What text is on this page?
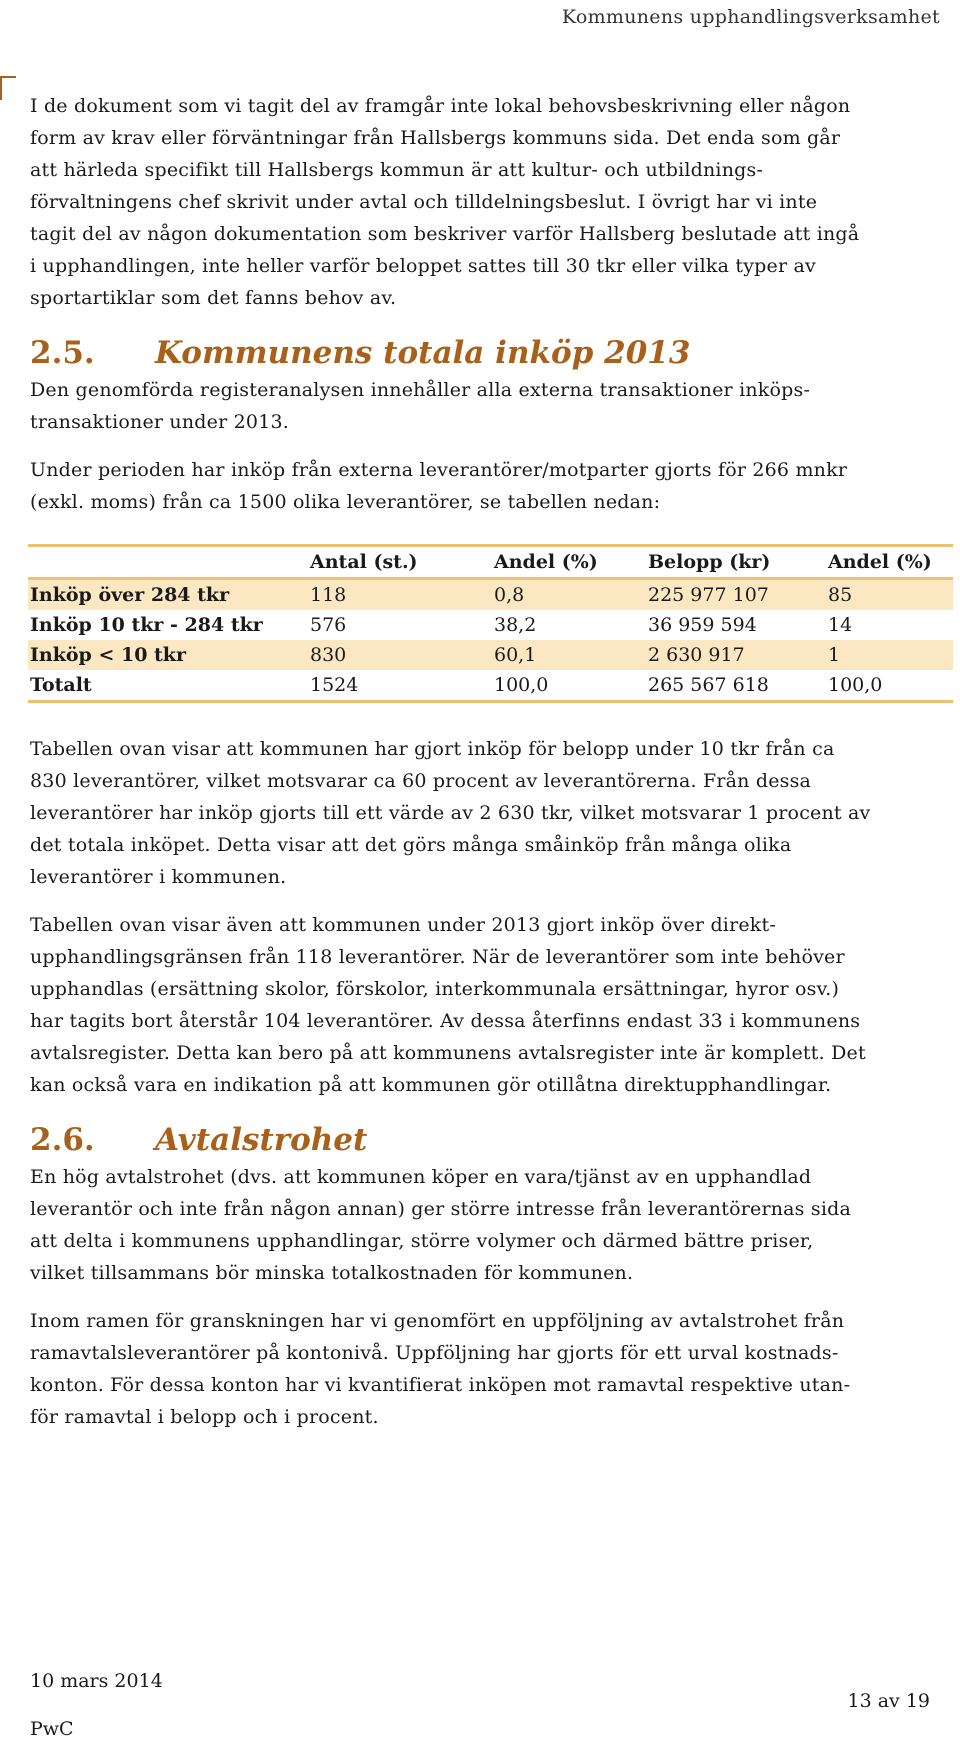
Kommunens upphandlingsverksamhet

I de dokument som vi tagit del av framgår inte lokal behovsbeskrivning eller någon
form av krav eller förväntningar från Hallsbergs kommuns sida. Det enda som går
att härleda specifikt till Hallsbergs kommun är att kultur- och utbildnings-
förvaltningens chef skrivit under avtal och tilldelningsbeslut. I övrigt har vi inte
tagit del av någon dokumentation som beskriver varför Hallsberg beslutade att ingå
i upphandlingen, inte heller varför beloppet sattes till 30 tkr eller vilka typer av
sportartiklar som det fanns behov av.

2.5. Kommunens totala inköp 2013

Den genomförda registeranalysen innehåller alla externa transaktioner inköps-
transaktioner under 2013.

Under perioden har inköp från externa leverantörer/motparter gjorts för 266 mnkr
(exkl. moms) från ca 1500 olika leverantörer, se tabellen nedan:

	Antal (st.)	Andel (%)	Belopp (kr)	Andel (%)
Inköp över 284 tkr	118	0,8	225 977 107	85
Inköp 10 tkr - 284 tkr	576	38,2	36 959 594	14
Inköp < 10 tkr	830	60,1	2 630 917	1
Totalt	1524	100,0	265 567 618	100,0

Tabellen ovan visar att kommunen har gjort inköp för belopp under 10 tkr från ca
830 leverantörer, vilket motsvarar ca 60 procent av leverantörerna. Från dessa
leverantörer har inköp gjorts till ett värde av 2 630 tkr, vilket motsvarar 1 procent av
det totala inköpet. Detta visar att det görs många småinköp från många olika
leverantörer i kommunen.

Tabellen ovan visar även att kommunen under 2013 gjort inköp över direkt-
upphandlingsgränsen från 118 leverantörer. När de leverantörer som inte behöver
upphandlas (ersättning skolor, förskolor, interkommunala ersättningar, hyror osv.)
har tagits bort återstår 104 leverantörer. Av dessa återfinns endast 33 i kommunens
avtalsregister. Detta kan bero på att kommunens avtalsregister inte är komplett. Det
kan också vara en indikation på att kommunen gör otillåtna direktupphandlingar.

2.6. Avtalstrohet

En hög avtalstrohet (dvs. att kommunen köper en vara/tjänst av en upphandlad
leverantör och inte från någon annan) ger större intresse från leverantörernas sida
att delta i kommunens upphandlingar, större volymer och därmed bättre priser,
vilket tillsammans bör minska totalkostnaden för kommunen.

Inom ramen för granskningen har vi genomfört en uppföljning av avtalstrohet från
ramavtalsleverantörer på kontonivå. Uppföljning har gjorts för ett urval kostnads-
konton. För dessa konton har vi kvantifierat inköpen mot ramavtal respektive utan-
för ramavtal i belopp och i procent.

10 mars 2014
PwC
13 av 19
